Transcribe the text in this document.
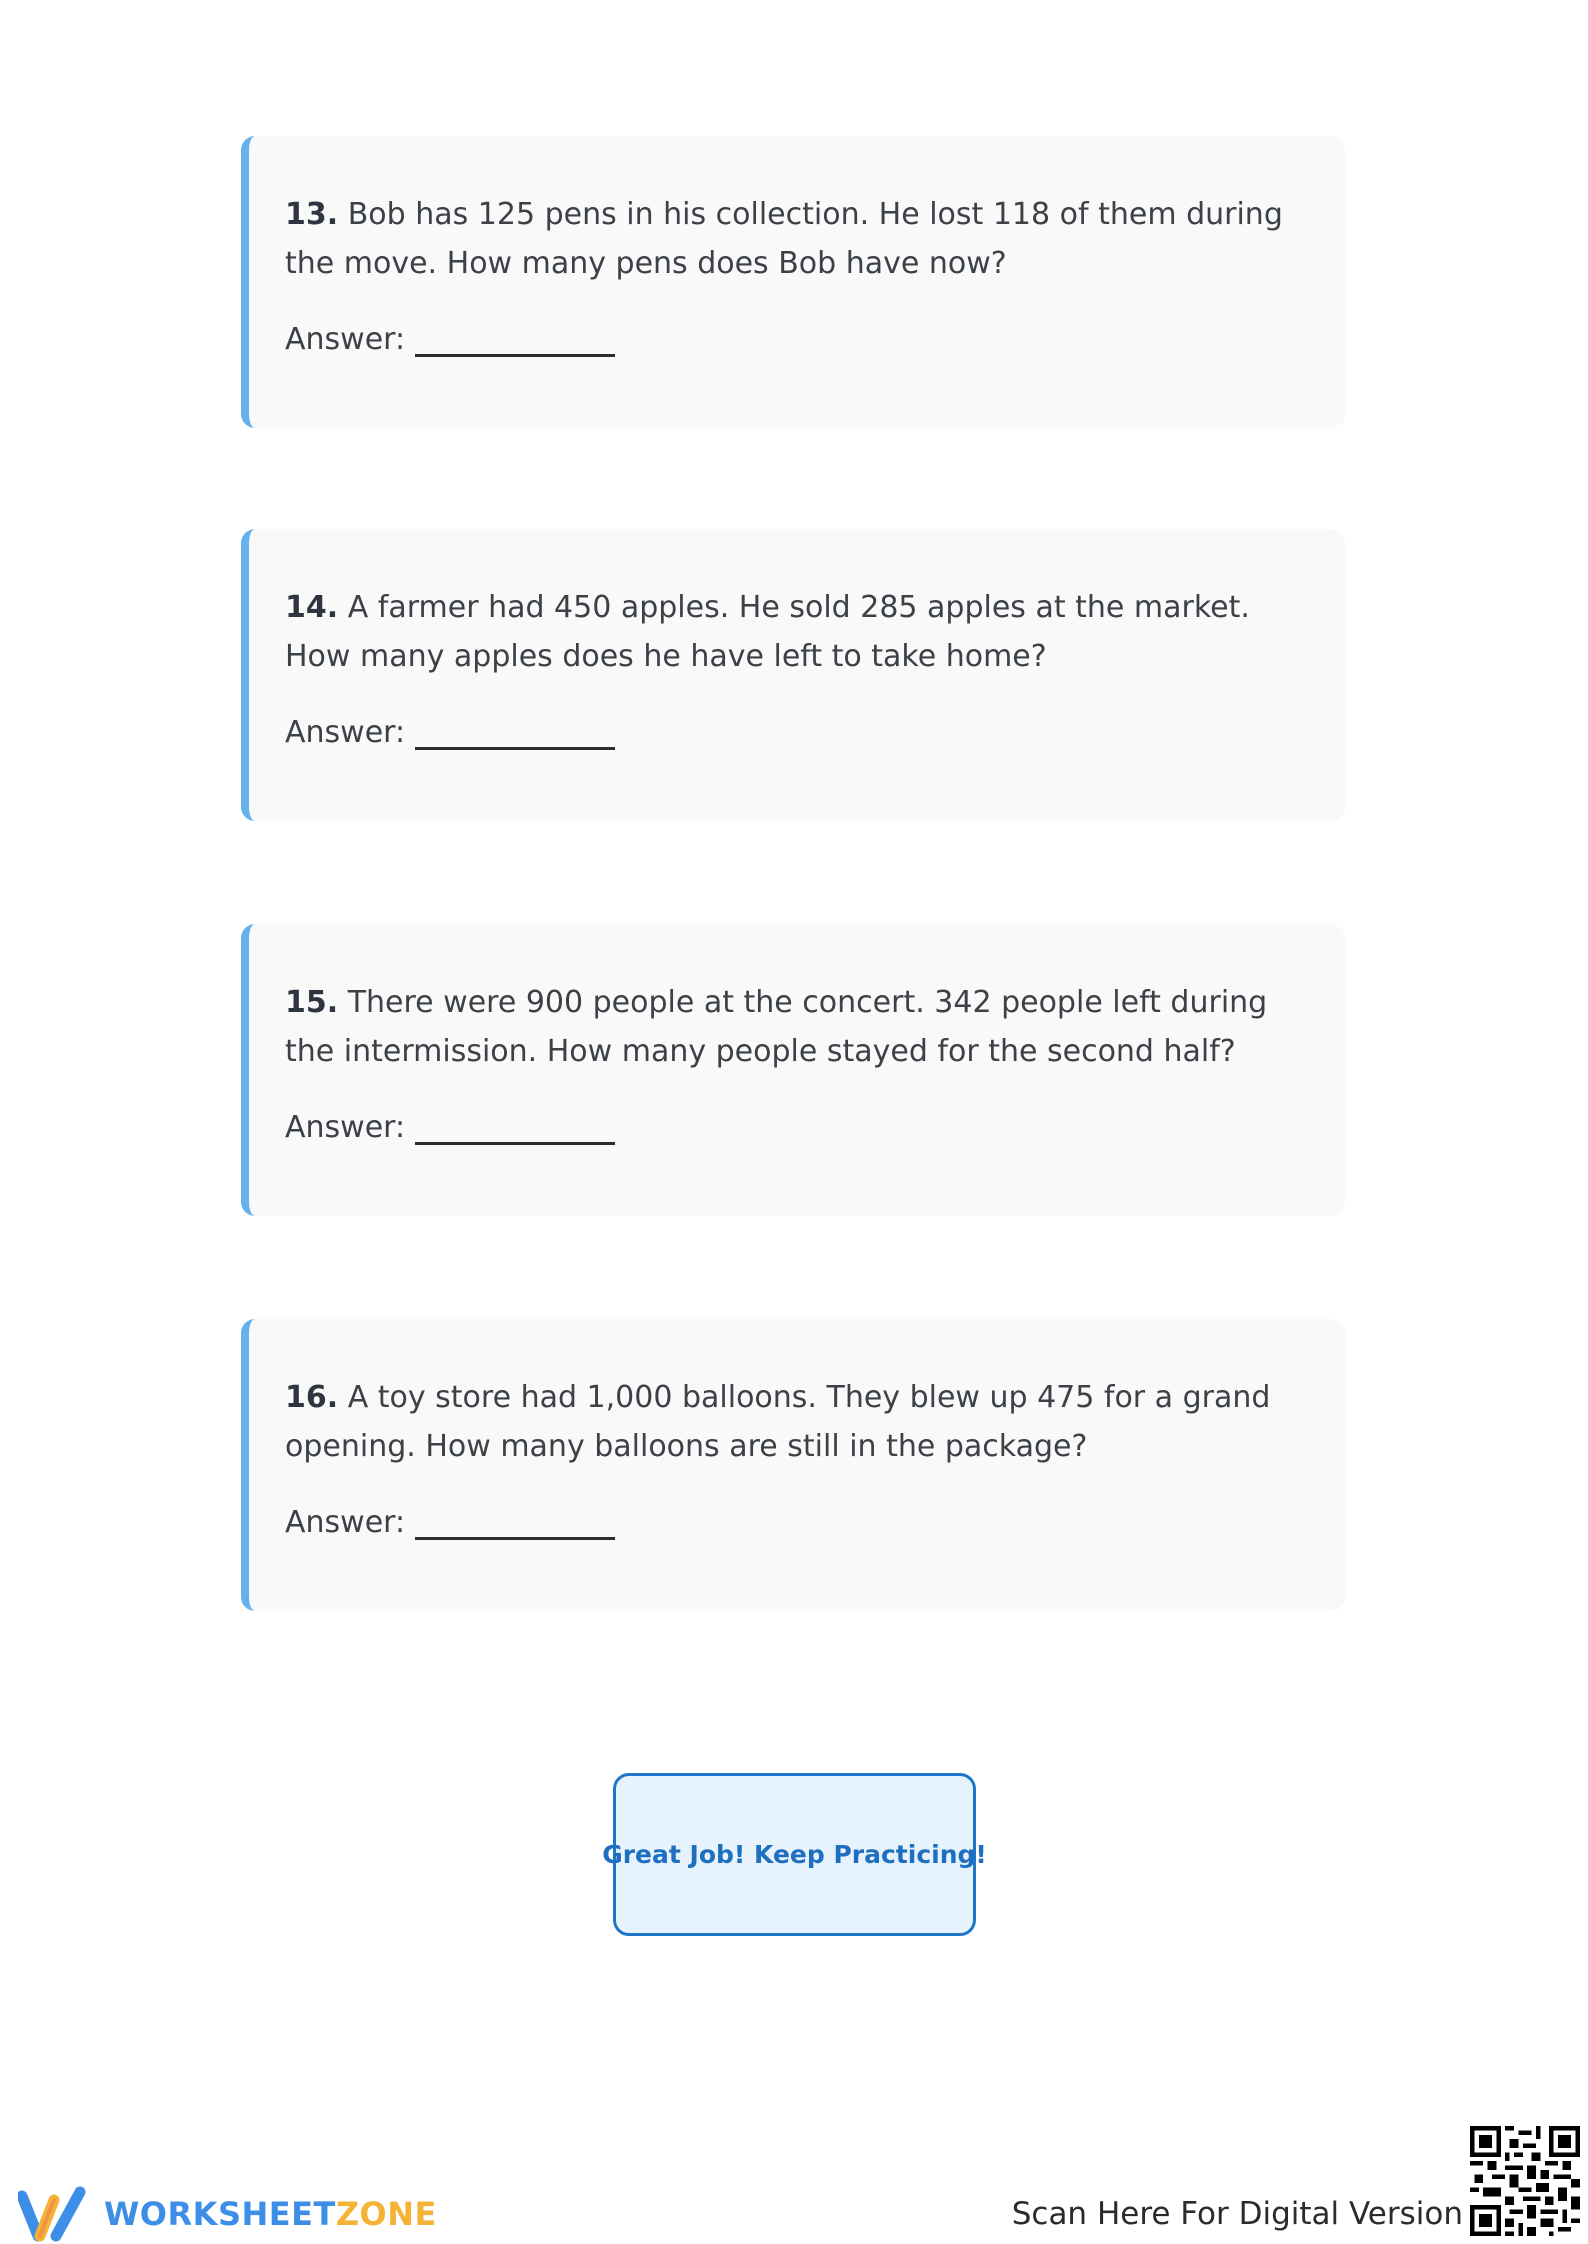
13. Bob has 125 pens in his collection. He lost 118 of them during the move. How many pens does Bob have now?

Answer:

14. A farmer had 450 apples. He sold 285 apples at the market. How many apples does he have left to take home?

Answer:

15. There were 900 people at the concert. 342 people left during the intermission. How many people stayed for the second half?

Answer:

16. A toy store had 1,000 balloons. They blew up 475 for a grand opening. How many balloons are still in the package?

Answer:
Great Job! Keep Practicing!
WORKSHEETZONE	Scan Here For Digital Version
